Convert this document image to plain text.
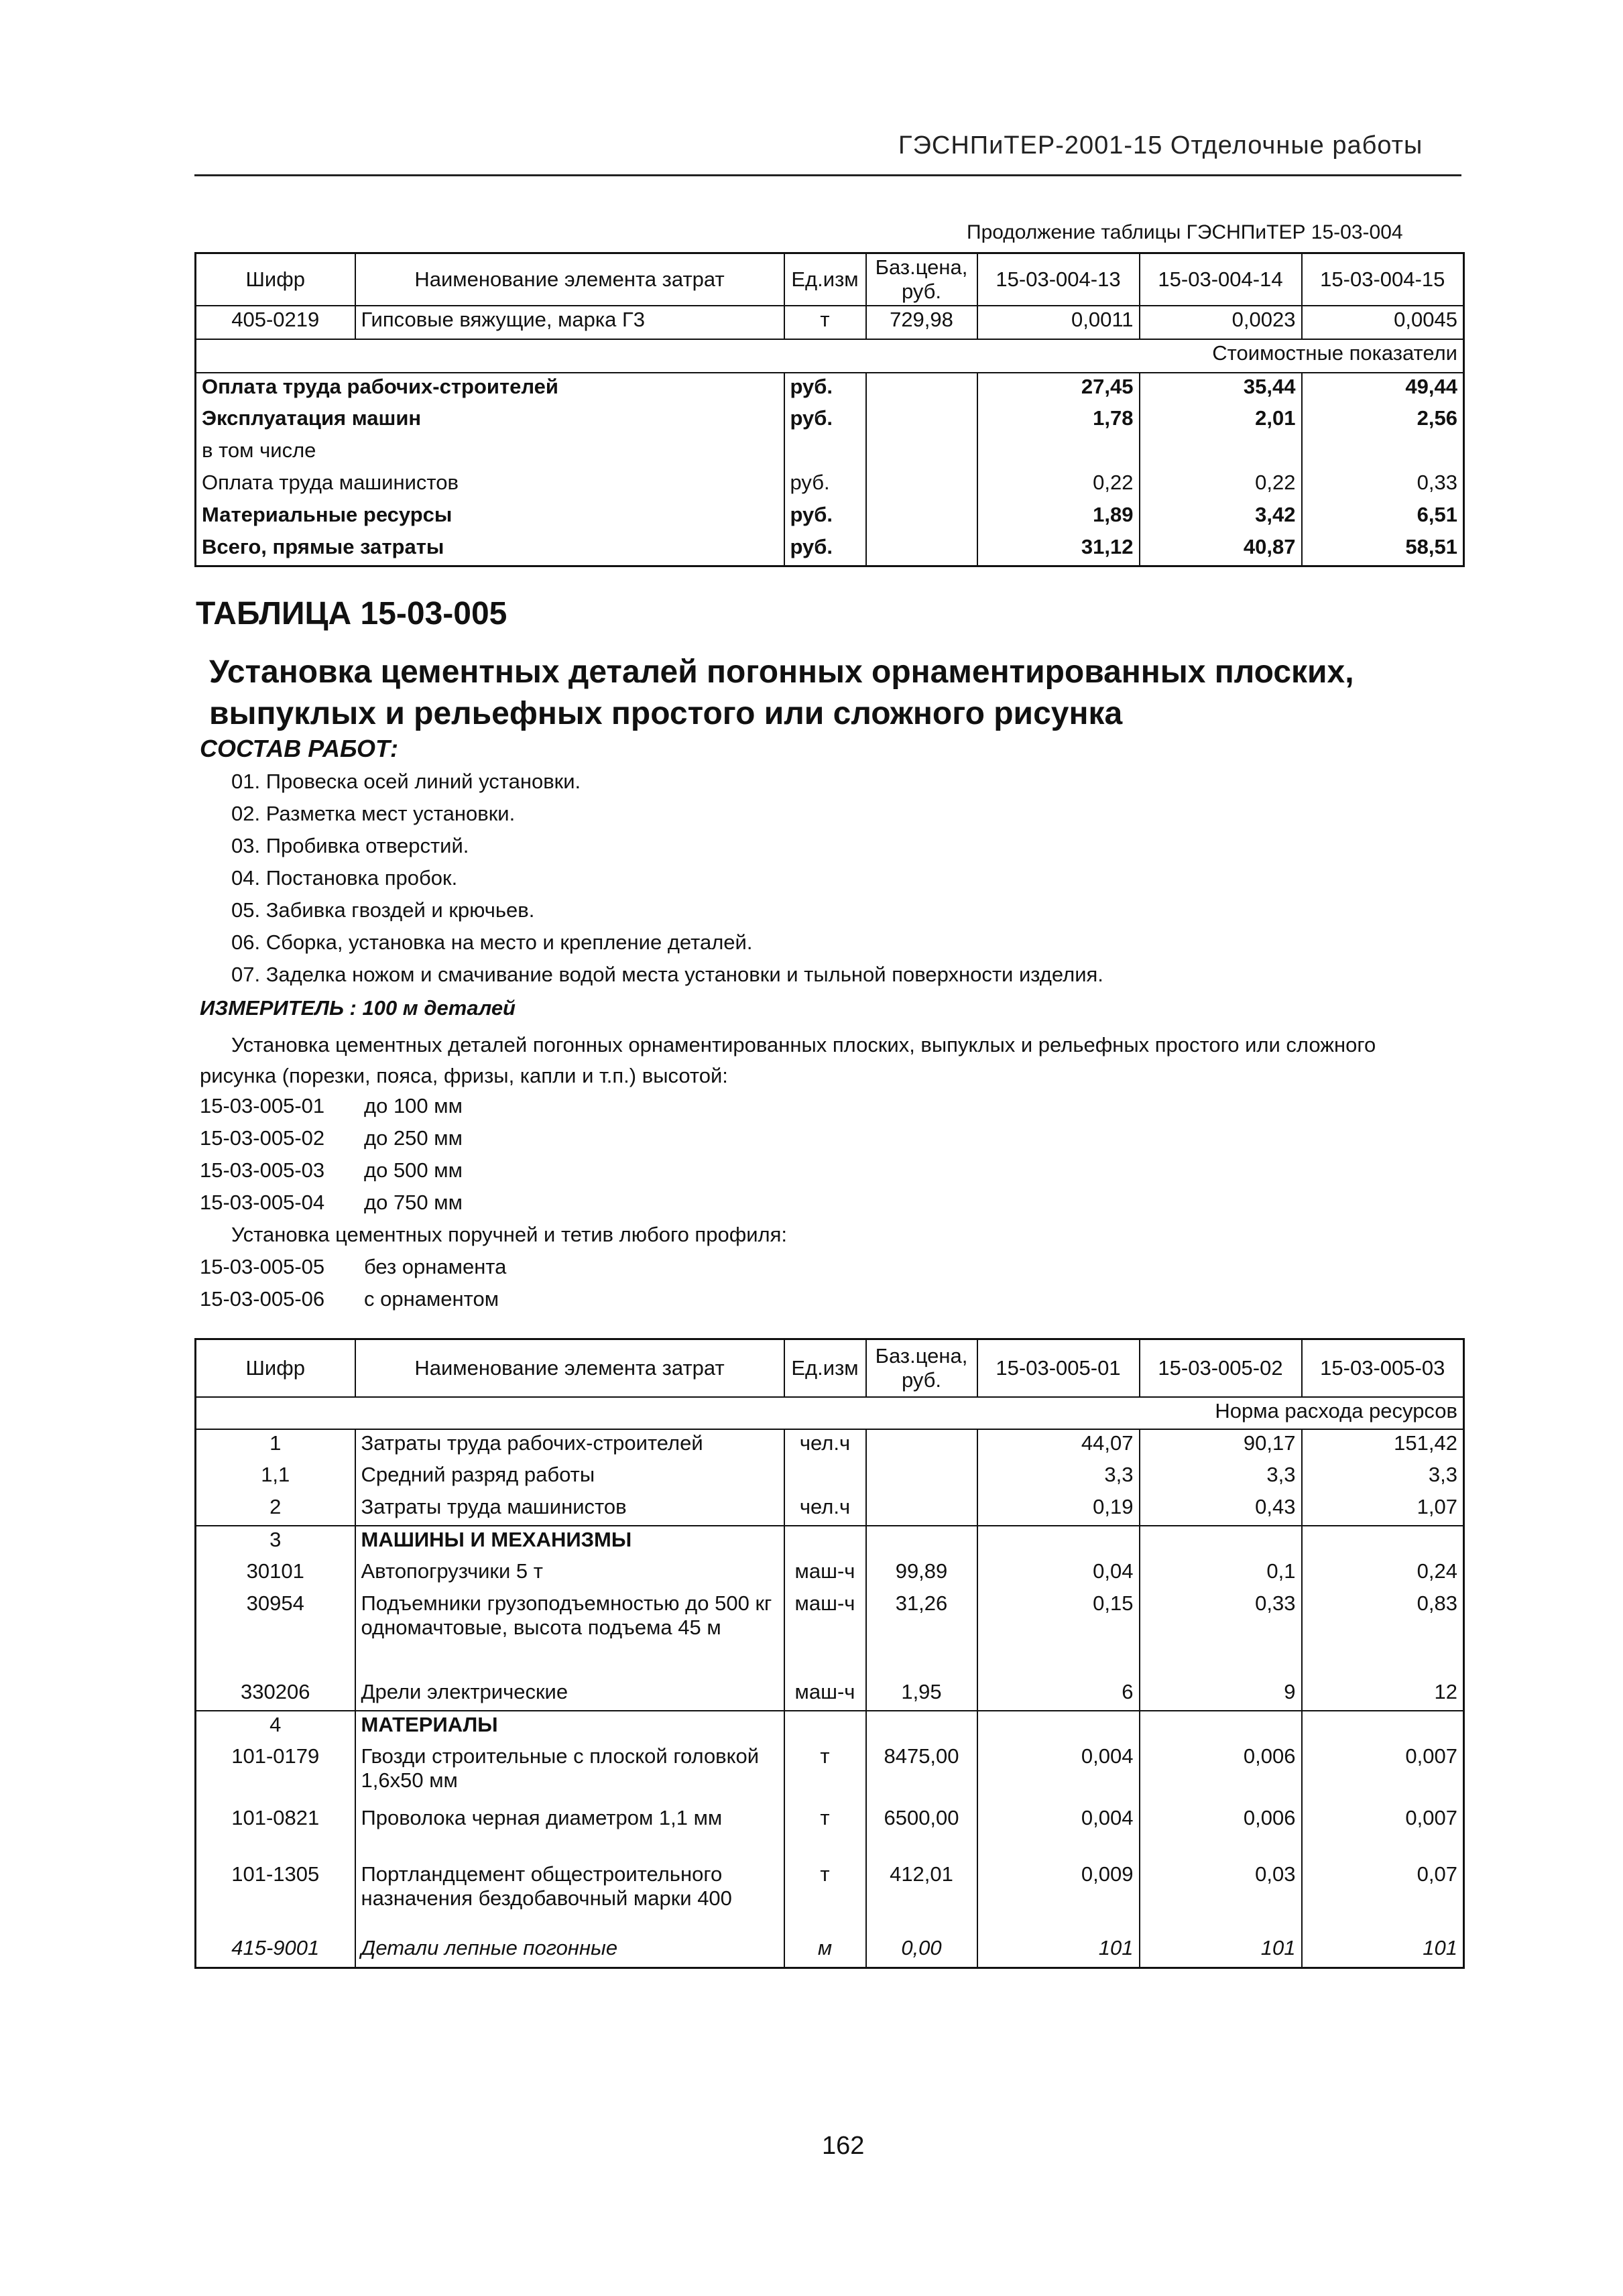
ГЭСНПиТЕР-2001-15 Отделочные работы
Продолжение таблицы ГЭСНПиТЕР 15-03-004
Шифр	Наименование элемента затрат	Ед.изм	Баз.цена, руб.	15-03-004-13	15-03-004-14	15-03-004-15
405-0219	Гипсовые вяжущие, марка Г3	т	729,98	0,0011	0,0023	0,0045
Стоимостные показатели						
Оплата труда рабочих-строителей		руб.		27,45	35,44	49,44
Эксплуатация машин		руб.		1,78	2,01	2,56
в том числе						
Оплата труда машинистов		руб.		0,22	0,22	0,33
Материальные ресурсы		руб.		1,89	3,42	6,51
Всего, прямые затраты		руб.		31,12	40,87	58,51
ТАБЛИЦА 15-03-005
Установка цементных деталей погонных орнаментированных плоских, выпуклых и рельефных простого или сложного рисунка
СОСТАВ РАБОТ:
01. Провеска осей линий установки.
02. Разметка мест установки.
03. Пробивка отверстий.
04. Постановка пробок.
05. Забивка гвоздей и крючьев.
06. Сборка, установка на место и крепление деталей.
07. Заделка ножом и смачивание водой места установки и тыльной поверхности изделия.
ИЗМЕРИТЕЛЬ : 100 м деталей
Установка цементных деталей погонных орнаментированных плоских, выпуклых и рельефных простого или сложного рисунка (порезки, пояса, фризы, капли и т.п.) высотой:
15-03-005-01 до 100 мм
15-03-005-02 до 250 мм
15-03-005-03 до 500 мм
15-03-005-04 до 750 мм
Установка цементных поручней и тетив любого профиля:
15-03-005-05 без орнамента
15-03-005-06 с орнаментом
Шифр	Наименование элемента затрат	Ед.изм	Баз.цена, руб.	15-03-005-01	15-03-005-02	15-03-005-03
Норма расхода ресурсов						
1	Затраты труда рабочих-строителей	чел.ч		44,07	90,17	151,42
1,1	Средний разряд работы			3,3	3,3	3,3
2	Затраты труда машинистов	чел.ч		0,19	0,43	1,07
3	МАШИНЫ И МЕХАНИЗМЫ					
30101	Автопогрузчики 5 т	маш-ч	99,89	0,04	0,1	0,24
30954	Подъемники грузоподъемностью до 500 кг одномачтовые, высота подъема 45 м	маш-ч	31,26	0,15	0,33	0,83
330206	Дрели электрические	маш-ч	1,95	6	9	12
4	МАТЕРИАЛЫ					
101-0179	Гвозди строительные с плоской головкой 1,6x50 мм	т	8475,00	0,004	0,006	0,007
101-0821	Проволока черная диаметром 1,1 мм	т	6500,00	0,004	0,006	0,007
101-1305	Портландцемент общестроительного назначения бездобавочный марки 400	т	412,01	0,009	0,03	0,07
415-9001	Детали лепные погонные	м	0,00	101	101	101
162
